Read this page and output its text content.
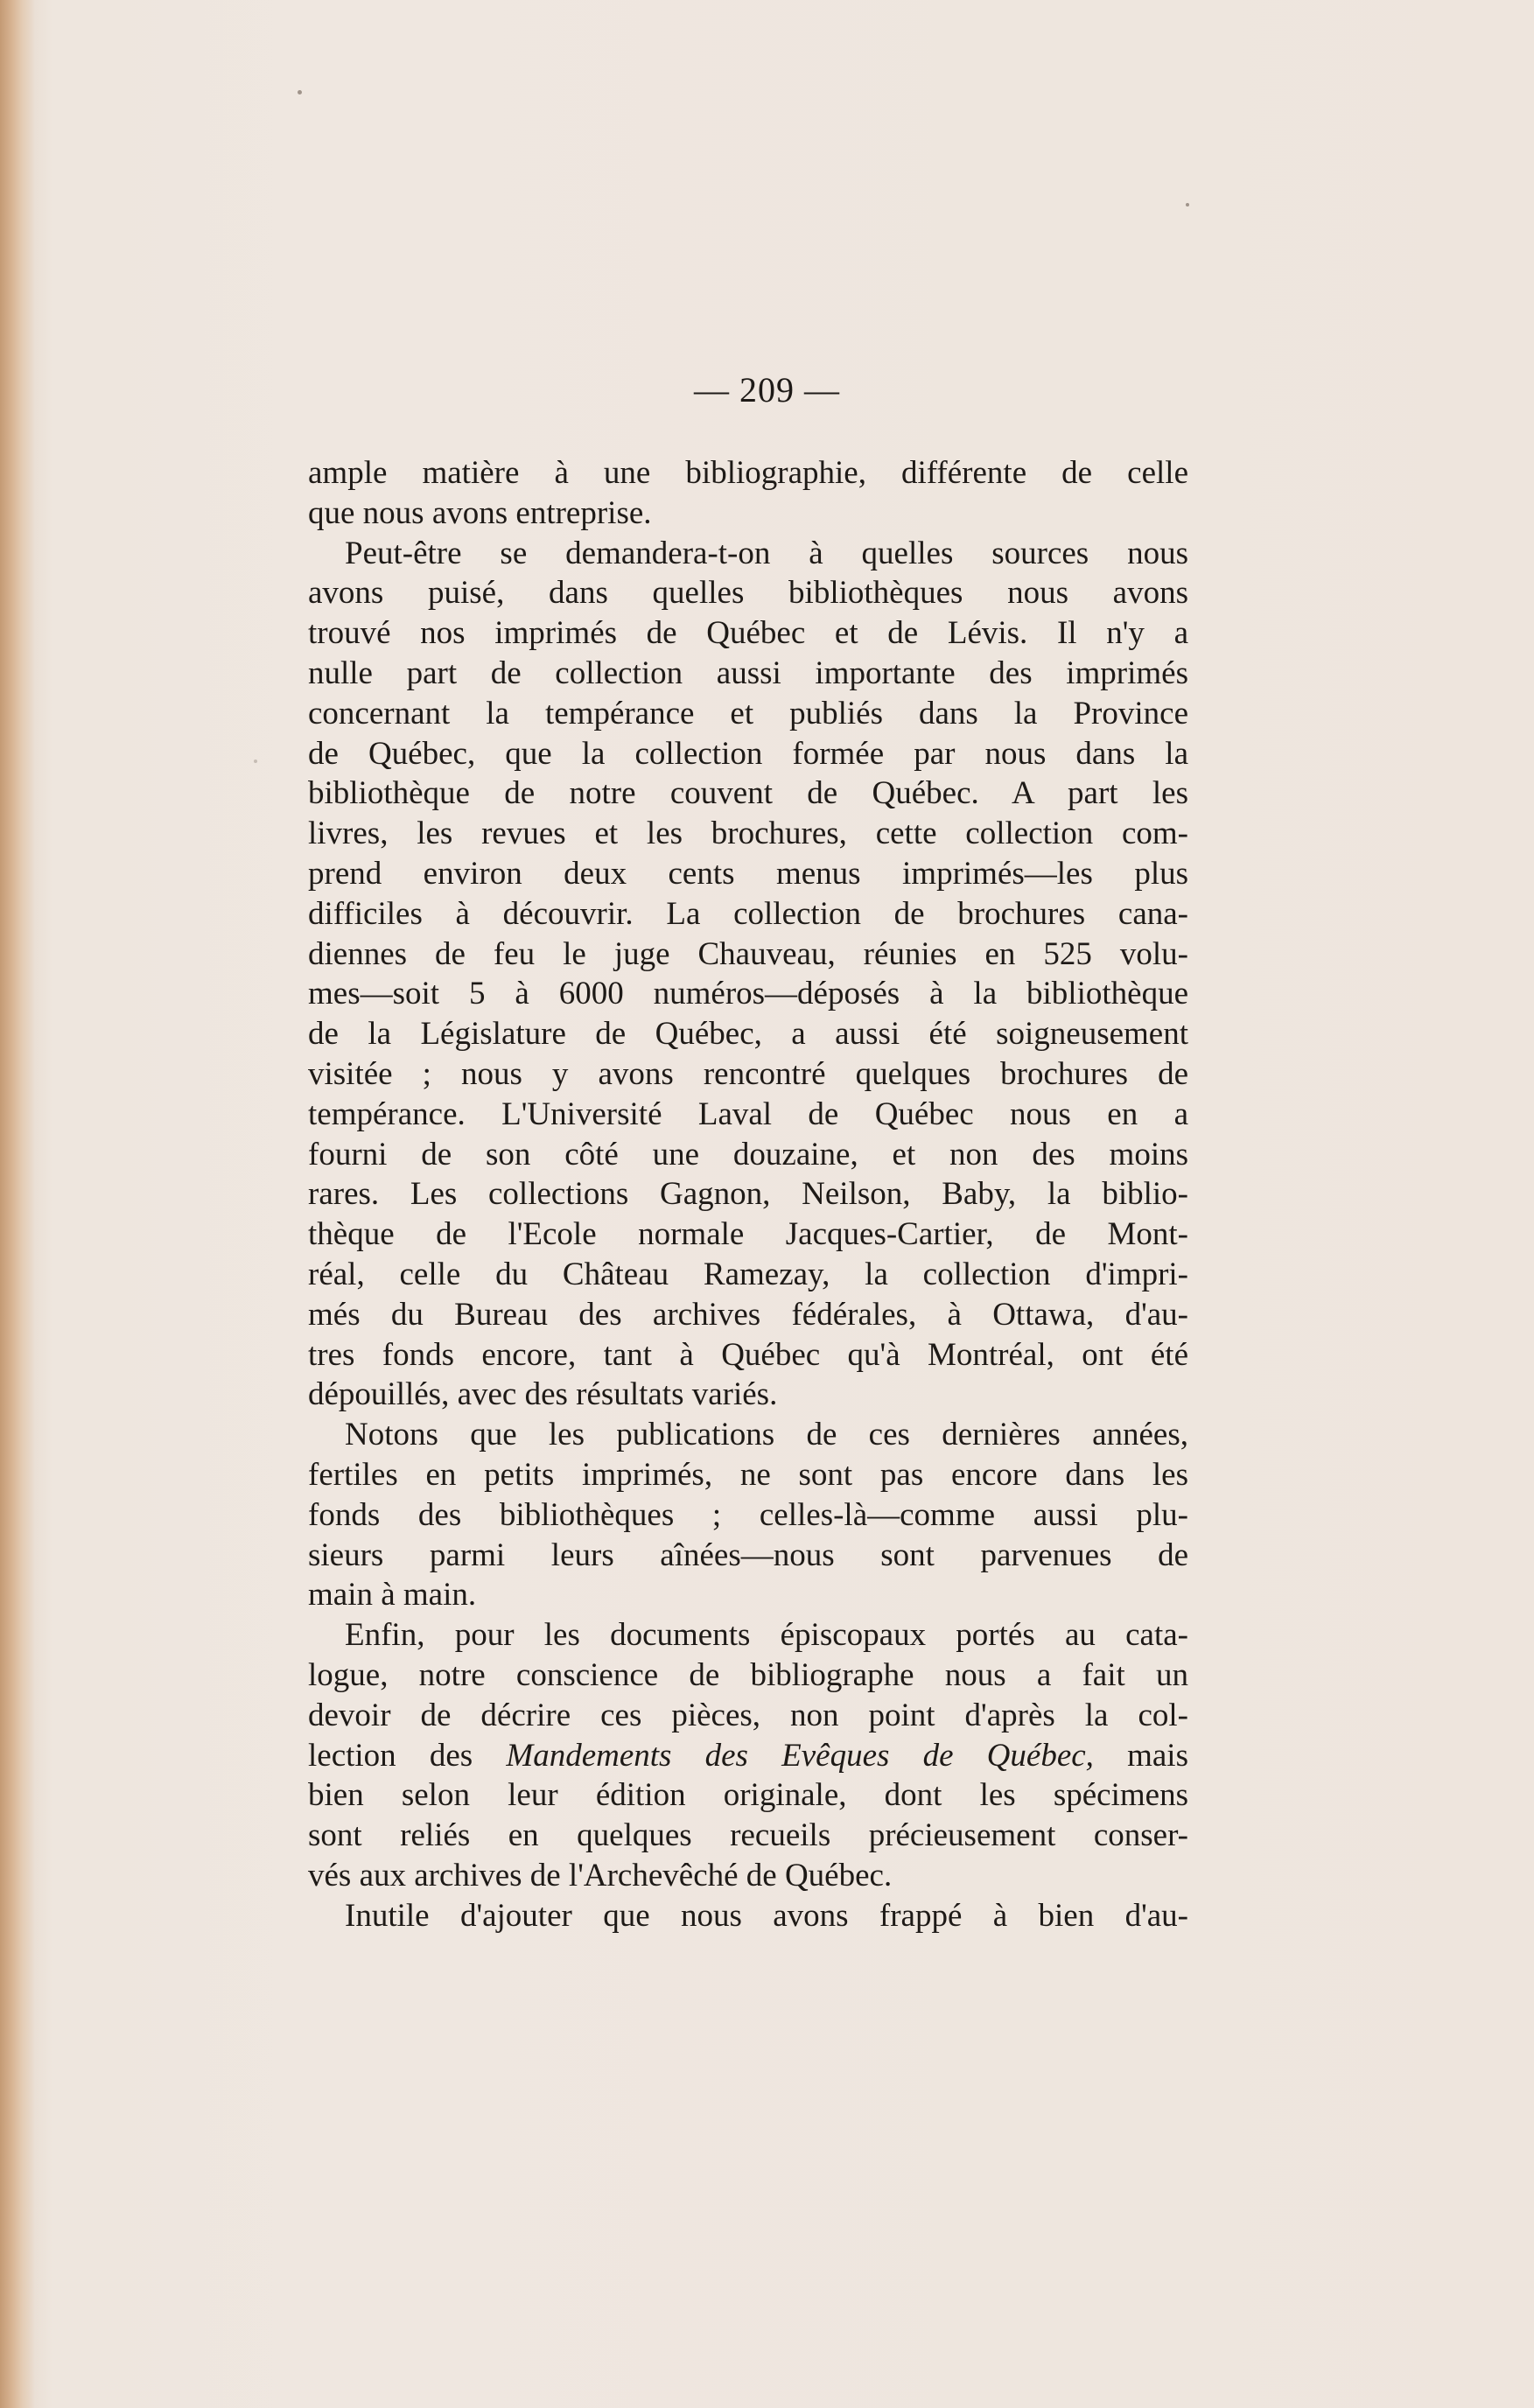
— 209 —
ample matière à une bibliographie, différente de celle
que nous avons entreprise.
Peut-être se demandera-t-on à quelles sources nous
avons puisé, dans quelles bibliothèques nous avons
trouvé nos imprimés de Québec et de Lévis. Il n'y a
nulle part de collection aussi importante des imprimés
concernant la tempérance et publiés dans la Province
de Québec, que la collection formée par nous dans la
bibliothèque de notre couvent de Québec. A part les
livres, les revues et les brochures, cette collection com-
prend environ deux cents menus imprimés—les plus
difficiles à découvrir. La collection de brochures cana-
diennes de feu le juge Chauveau, réunies en 525 volu-
mes—soit 5 à 6000 numéros—déposés à la bibliothèque
de la Législature de Québec, a aussi été soigneusement
visitée ; nous y avons rencontré quelques brochures de
tempérance. L'Université Laval de Québec nous en a
fourni de son côté une douzaine, et non des moins
rares. Les collections Gagnon, Neilson, Baby, la biblio-
thèque de l'Ecole normale Jacques-Cartier, de Mont-
réal, celle du Château Ramezay, la collection d'impri-
més du Bureau des archives fédérales, à Ottawa, d'au-
tres fonds encore, tant à Québec qu'à Montréal, ont été
dépouillés, avec des résultats variés.
Notons que les publications de ces dernières années,
fertiles en petits imprimés, ne sont pas encore dans les
fonds des bibliothèques ; celles-là—comme aussi plu-
sieurs parmi leurs aînées—nous sont parvenues de
main à main.
Enfin, pour les documents épiscopaux portés au cata-
logue, notre conscience de bibliographe nous a fait un
devoir de décrire ces pièces, non point d'après la col-
lection des Mandements des Evêques de Québec, mais
bien selon leur édition originale, dont les spécimens
sont reliés en quelques recueils précieusement conser-
vés aux archives de l'Archevêché de Québec.
Inutile d'ajouter que nous avons frappé à bien d'au-
